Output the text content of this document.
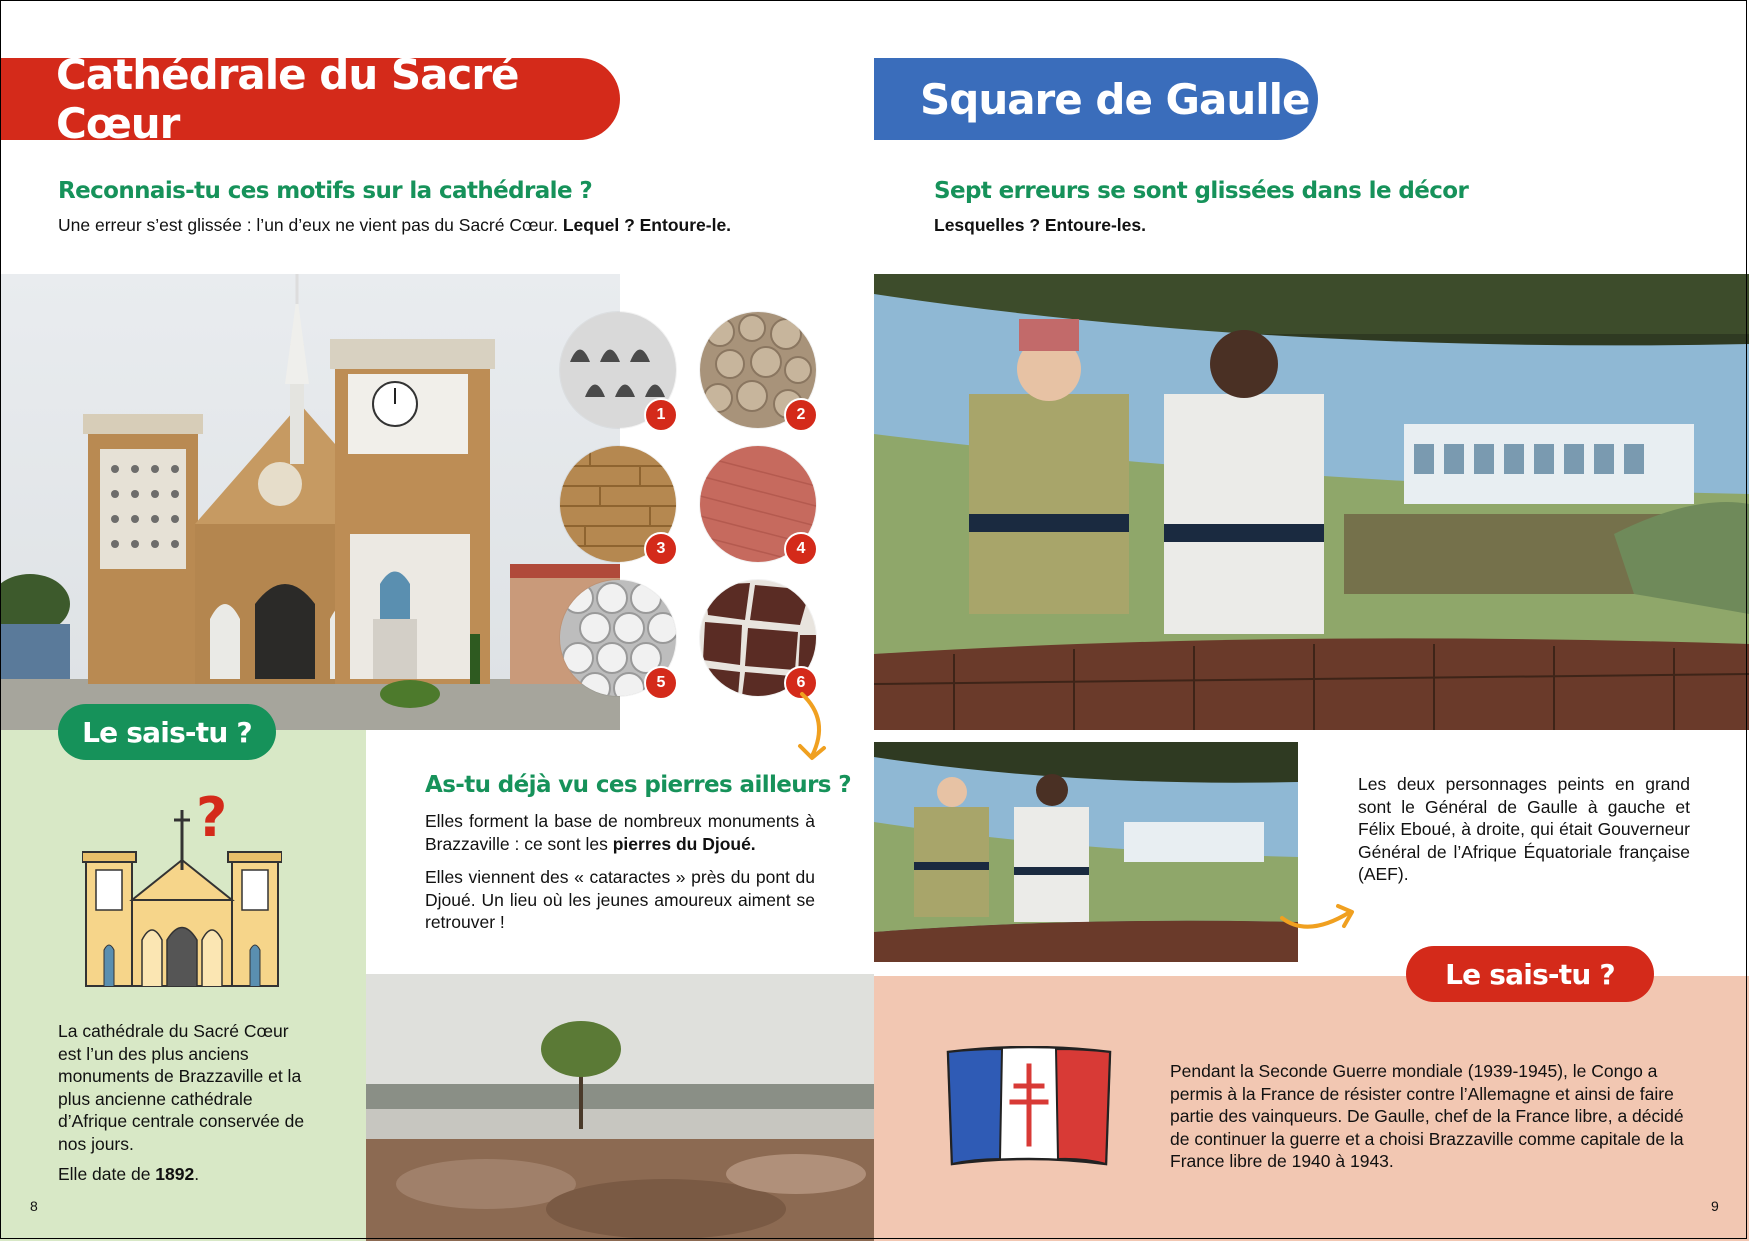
Cathédrale du Sacré Cœur
Reconnais-tu ces motifs sur la cathédrale ?
Une erreur s’est glissée : l’un d’eux ne vient pas du Sacré Cœur. Lequel ? Entoure-le.
1	2
3	4
5	6
Le sais-tu ?
?
La cathédrale du Sacré Cœur est l’un des plus anciens monuments de Brazzaville et la plus ancienne cathédrale d’Afrique centrale conservée de nos jours.
Elle date de 1892.
8
As-tu déjà vu ces pierres ailleurs ?
Elles forment la base de nombreux monuments à Brazzaville : ce sont les pierres du Djoué.
Elles viennent des « cataractes » près du pont du Djoué. Un lieu où les jeunes amoureux aiment se retrouver !
Square de Gaulle
Sept erreurs se sont glissées dans le décor
Lesquelles ? Entoure-les.
Les deux personnages peints en grand sont le Général de Gaulle à gauche et Félix Eboué, à droite, qui était Gouverneur Général de l’Afrique Équatoriale française (AEF).
Le sais-tu ?
Pendant la Seconde Guerre mondiale (1939-1945), le Congo a permis à la France de résister contre l’Allemagne et ainsi de faire partie des vainqueurs. De Gaulle, chef de la France libre, a décidé de continuer la guerre et a choisi Brazzaville comme capitale de la France libre de 1940 à 1943.
9
